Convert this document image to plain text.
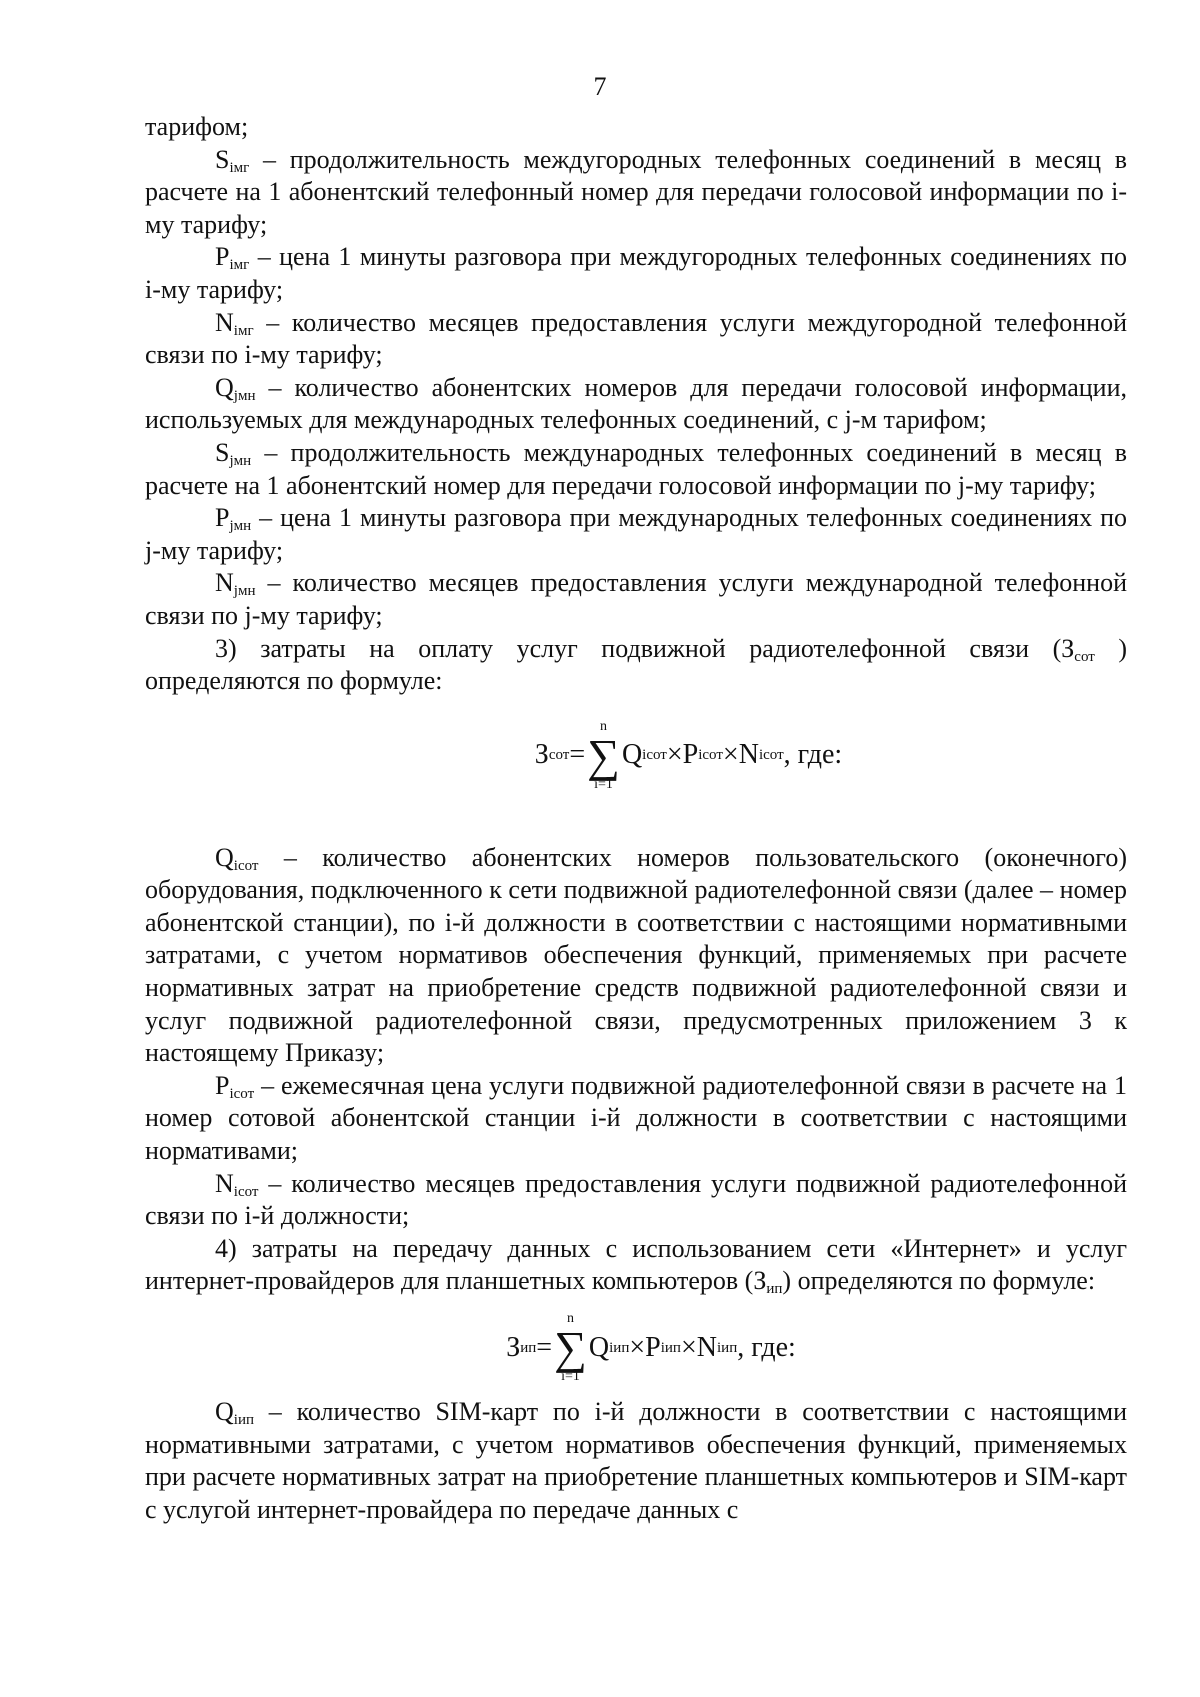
7

тарифом;

$S_{iмг}$ – продолжительность междугородных телефонных соединений в месяц в расчете на 1 абонентский телефонный номер для передачи голосовой информации по i-му тарифу;

$P_{iмг}$ – цена 1 минуты разговора при междугородных телефонных соединениях по i-му тарифу;

$N_{iмг}$ – количество месяцев предоставления услуги междугородной телефонной связи по i-му тарифу;

$Q_{jмн}$ – количество абонентских номеров для передачи голосовой информации, используемых для международных телефонных соединений, с j-м тарифом;

$S_{jмн}$ – продолжительность международных телефонных соединений в месяц в расчете на 1 абонентский номер для передачи голосовой информации по j-му тарифу;

$P_{jмн}$ – цена 1 минуты разговора при международных телефонных соединениях по j-му тарифу;

$N_{jмн}$ – количество месяцев предоставления услуги международной телефонной связи по j-му тарифу;

3) затраты на оплату услуг подвижной радиотелефонной связи ($З_{сот}$ ) определяются по формуле:

З сот =
n
∑
i=1
Q iсот × P iсот × N iсот , где:

$Q_{iсот}$ – количество абонентских номеров пользовательского (оконечного) оборудования, подключенного к сети подвижной радиотелефонной связи (далее – номер абонентской станции), по i-й должности в соответствии с настоящими нормативными затратами, с учетом нормативов обеспечения функций, применяемых при расчете нормативных затрат на приобретение средств подвижной радиотелефонной связи и услуг подвижной радиотелефонной связи, предусмотренных приложением 3 к настоящему Приказу;

$P_{iсот}$ – ежемесячная цена услуги подвижной радиотелефонной связи в расчете на 1 номер сотовой абонентской станции i-й должности в соответствии с настоящими нормативами;

$N_{iсот}$ – количество месяцев предоставления услуги подвижной радиотелефонной связи по i-й должности;

4) затраты на передачу данных с использованием сети «Интернет» и услуг интернет-провайдеров для планшетных компьютеров $(З_{ип})$ определяются по формуле:

З ип =
n
∑
i=1
Q iип × P iип × N iип , где:

$Q_{iип}$ – количество SIM-карт по i-й должности в соответствии с настоящими нормативными затратами, с учетом нормативов обеспечения функций, применяемых при расчете нормативных затрат на приобретение планшетных компьютеров и SIM-карт с услугой интернет-провайдера по передаче данных с
